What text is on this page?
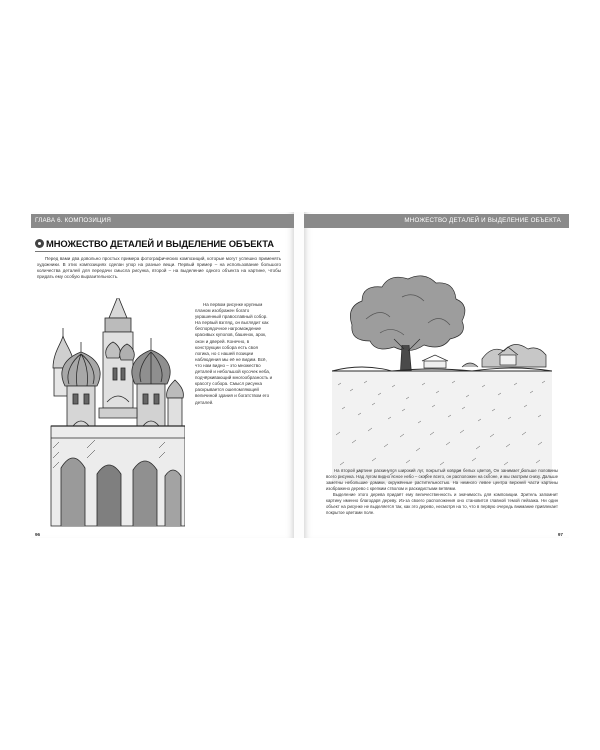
ГЛАВА 6. КОМПОЗИЦИЯ
МНОЖЕСТВО ДЕТАЛЕЙ И ВЫДЕЛЕНИЕ ОБЪЕКТА

Перед вами два довольно простых примера фотографических композиций, которые могут успешно применять художники. В этих композициях сделан упор на разные вещи. Первый пример – на использование большого количества деталей для передачи смысла рисунка, второй – на выделение одного объекта на картине, чтобы придать ему особую выразительность.

На первом рисунке крупным планом изображен богато украшенный православный собор. На первый взгляд, он выглядит как беспорядочное нагромождение красивых куполов, башенок, арок, окон и дверей. Конечно, в конструкции собора есть своя логика, но с нашей позиции наблюдения мы её не видим. Всё, что нам видно – это множество деталей и небольшой кусочек неба, подчёркивающий многообразность и красоту собора. Смысл рисунка раскрывается ошеломляющей величиной здания и богатством его деталей.

96
МНОЖЕСТВО ДЕТАЛЕЙ И ВЫДЕЛЕНИЕ ОБЪЕКТА

На второй картине раскинулся широкий луг, покрытый ковром белых цветов. Он занимает больше половины всего рисунка. Над лугом видно ясное небо – скорее всего, он расположен на склоне, и мы смотрим снизу. Дальше заметны небольшие домики, окружённые растительностью. На немного левее центра верхней части картины изображено дерево с крепким стволом и раскидистыми ветвями.
Выделение этого дерева придаёт ему величественность и значимость для композиции. Зритель запомнит картину именно благодаря дереву. Из-за своего расположения оно становится главной темой пейзажа. Ни один объект на рисунке не выделяется так, как это дерево, несмотря на то, что в первую очередь внимание привлекает покрытое цветами поле.

97
